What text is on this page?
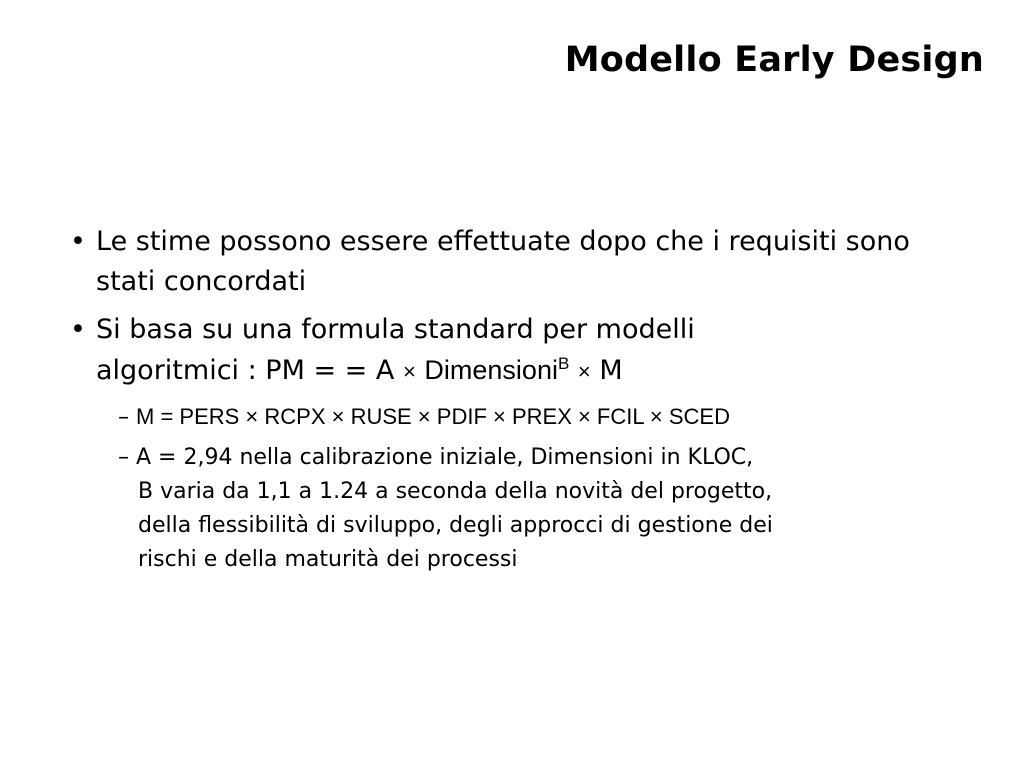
Modello Early Design
• Le stime possono essere effettuate dopo che i requisiti sono stati concordati
• Si basa su una formula standard per modelli
algoritmici : PM = = A × Dimensioni$^B$ × M
– M = PERS × RCPX × RUSE × PDIF × PREX × FCIL × SCED
– A = 2,94 nella calibrazione iniziale, Dimensioni in KLOC,
B varia da 1,1 a 1.24 a seconda della novità del progetto,
della flessibilità di sviluppo, degli approcci di gestione dei
rischi e della maturità dei processi
